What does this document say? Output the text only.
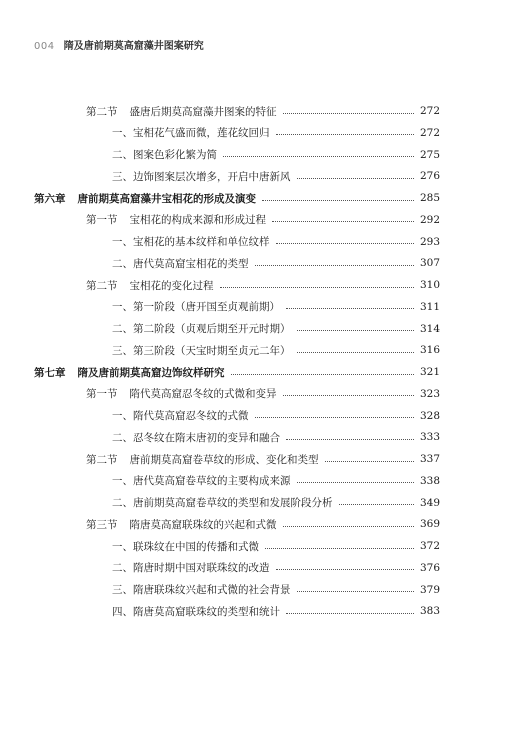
004 隋及唐前期莫高窟藻井图案研究
第二节 盛唐后期莫高窟藻井图案的特征	272
一、宝相花气盛而微，莲花纹回归	272
二、图案色彩化繁为简	275
三、边饰图案层次增多，开启中唐新风	276
第六章 唐前期莫高窟藻井宝相花的形成及演变	285
第一节 宝相花的构成来源和形成过程	292
一、宝相花的基本纹样和单位纹样	293
二、唐代莫高窟宝相花的类型	307
第二节 宝相花的变化过程	310
一、第一阶段（唐开国至贞观前期）	311
二、第二阶段（贞观后期至开元时期）	314
三、第三阶段（天宝时期至贞元二年）	316
第七章 隋及唐前期莫高窟边饰纹样研究	321
第一节 隋代莫高窟忍冬纹的式微和变异	323
一、隋代莫高窟忍冬纹的式微	328
二、忍冬纹在隋末唐初的变异和融合	333
第二节 唐前期莫高窟卷草纹的形成、变化和类型	337
一、唐代莫高窟卷草纹的主要构成来源	338
二、唐前期莫高窟卷草纹的类型和发展阶段分析	349
第三节 隋唐莫高窟联珠纹的兴起和式微	369
一、联珠纹在中国的传播和式微	372
二、隋唐时期中国对联珠纹的改造	376
三、隋唐联珠纹兴起和式微的社会背景	379
四、隋唐莫高窟联珠纹的类型和统计	383
